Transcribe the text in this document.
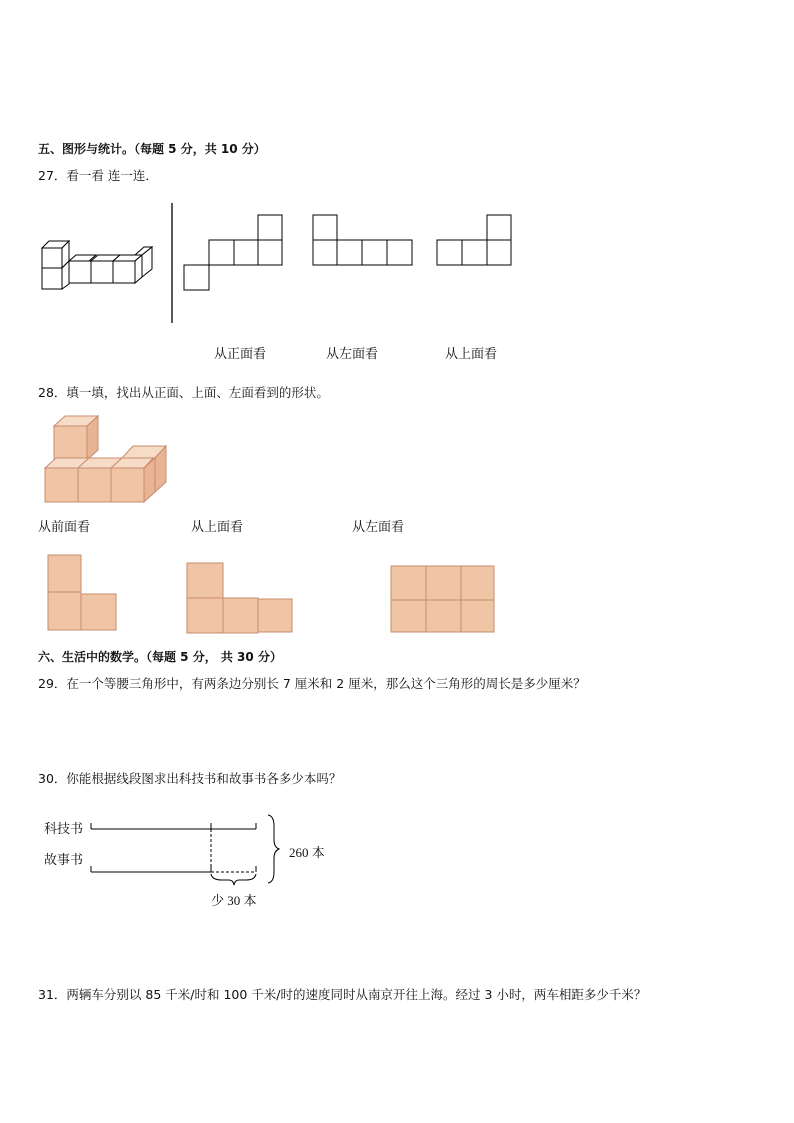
五、图形与统计。（每题 5 分，共 10 分）
27．看一看 连一连．
从正面看	从左面看	从上面看
28．填一填，找出从正面、上面、左面看到的形状。
从前面看	从上面看	从左面看
六、生活中的数学。（每题 5 分， 共 30 分）
29．在一个等腰三角形中，有两条边分别长 7 厘米和 2 厘米，那么这个三角形的周长是多少厘米？
30．你能根据线段图求出科技书和故事书各多少本吗？
科技书
故事书	260 本
少 30 本
31．两辆车分别以 85 千米/时和 100 千米/时的速度同时从南京开往上海。经过 3 小时，两车相距多少千米？
